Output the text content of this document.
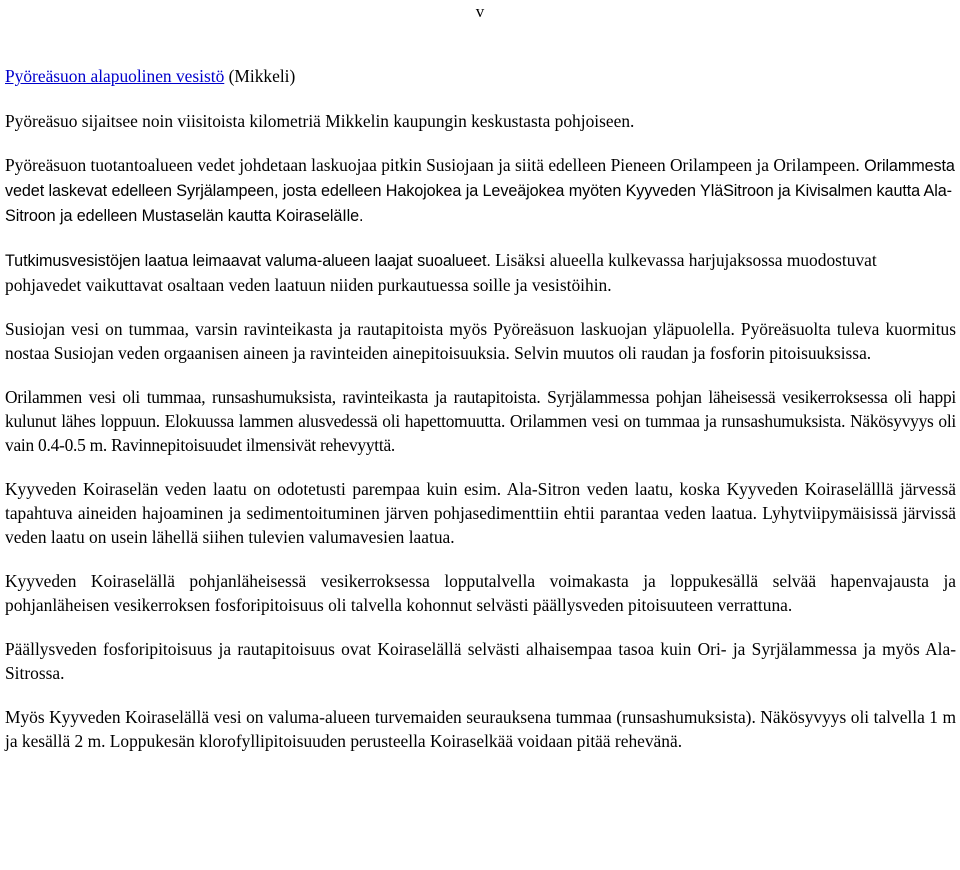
v
Pyöreäsuon alapuolinen vesistö (Mikkeli)

Pyöreäsuo sijaitsee noin viisitoista kilometriä Mikkelin kaupungin keskustasta pohjoiseen.

Pyöreäsuon tuotantoalueen vedet johdetaan laskuojaa pitkin Susiojaan ja siitä edelleen Pieneen Orilampeen ja Orilampeen. Orilammesta vedet laskevat edelleen Syrjälampeen, josta edelleen Hakojokea ja Leveäjokea myöten Kyyveden YläSitroon ja Kivisalmen kautta Ala-Sitroon ja edelleen Mustaselän kautta KoiraseläIle.

Tutkimusvesistöjen laatua leimaavat valuma-alueen laajat suoalueet. Lisäksi alueella kulkevassa harjujaksossa muodostuvat pohjavedet vaikuttavat osaltaan veden laatuun niiden purkautuessa soille ja vesistöihin.

Susiojan vesi on tummaa, varsin ravinteikasta ja rautapitoista myös Pyöreäsuon laskuojan yläpuolella. Pyöreäsuolta tuleva kuormitus nostaa Susiojan veden orgaanisen aineen ja ravinteiden ainepitoisuuksia. Selvin muutos oli raudan ja fosforin pitoisuuksissa.

Orilammen vesi oli tummaa, runsashumuksista, ravinteikasta ja rautapitoista. Syrjälammessa pohjan läheisessä vesikerroksessa oli happi kulunut lähes loppuun. Elokuussa lammen alusvedessä oli hapettomuutta. Orilammen vesi on tummaa ja runsashumuksista. Näkösyvyys oli vain 0.4-0.5 m. Ravinnepitoisuudet ilmensivät rehevyyttä.

Kyyveden Koiraselän veden laatu on odotetusti parempaa kuin esim. Ala-Sitron veden laatu, koska Kyyveden Koiraselälllä järvessä tapahtuva aineiden hajoaminen ja sedimentoituminen järven pohjasedimenttiin ehtii parantaa veden laatua. Lyhytviipymäisissä järvissä veden laatu on usein lähellä siihen tulevien valumavesien laatua.

Kyyveden Koiraselällä pohjanläheisessä vesikerroksessa lopputalvella voimakasta ja loppukesällä selvää hapenvajausta ja pohjanläheisen vesikerroksen fosforipitoisuus oli talvella kohonnut selvästi päällysveden pitoisuuteen verrattuna.

Päällysveden fosforipitoisuus ja rautapitoisuus ovat Koiraselällä selvästi alhaisempaa tasoa kuin Ori- ja Syrjälammessa ja myös Ala-Sitrossa.

Myös Kyyveden Koiraselällä vesi on valuma-alueen turvemaiden seurauksena tummaa (runsashumuksista). Näkösyvyys oli talvella 1 m ja kesällä 2 m. Loppukesän klorofyllipitoisuuden perusteella Koiraselkää voidaan pitää rehevänä.
